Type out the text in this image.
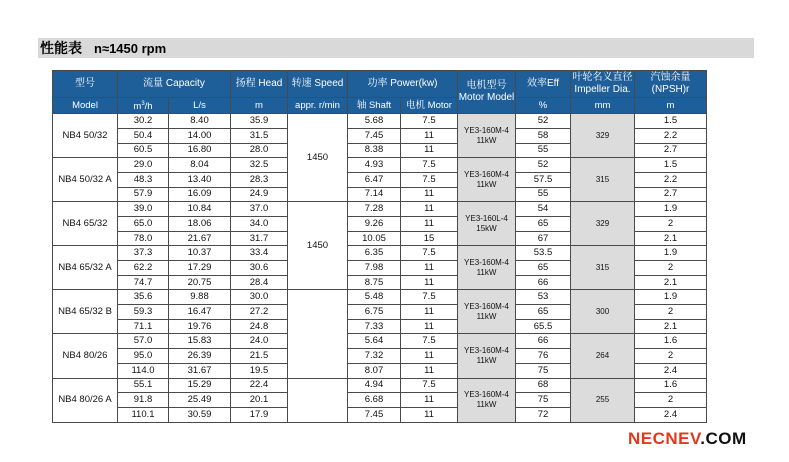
性能表 n≈1450 rpm
型号	流量 Capacity		扬程 Head	转速 Speed	功率 Power(kw)		电机型号 Motor Model	效率Eff	叶轮名义直径 Impeller Dia.	汽蚀余量 (NPSH)r
Model	$m^3/h$	L/s	m	appr. r/min	轴 Shaft	电机 Motor		%	mm	m
NB4 50/32	30.2	8.40	35.9	1450	5.68	7.5	YE3-160M-4 11kW	52	329	1.5
	50.4	14.00	31.5		7.45	11		58		2.2
	60.5	16.80	28.0		8.38	11		55		2.7
NB4 50/32 A	29.0	8.04	32.5		4.93	7.5	YE3-160M-4 11kW	52	315	1.5
	48.3	13.40	28.3		6.47	7.5		57.5		2.2
	57.9	16.09	24.9		7.14	11		55		2.7
NB4 65/32	39.0	10.84	37.0	1450	7.28	11	YE3-160L-4 15kW	54	329	1.9
	65.0	18.06	34.0		9.26	11		65		2
	78.0	21.67	31.7		10.05	15		67		2.1
NB4 65/32 A	37.3	10.37	33.4		6.35	7.5	YE3-160M-4 11kW	53.5	315	1.9
	62.2	17.29	30.6		7.98	11		65		2
	74.7	20.75	28.4		8.75	11		66		2.1
NB4 65/32 B	35.6	9.88	30.0		5.48	7.5	YE3-160M-4 11kW	53	300	1.9
	59.3	16.47	27.2		6.75	11		65		2
	71.1	19.76	24.8		7.33	11		65.5		2.1
NB4 80/26	57.0	15.83	24.0		5.64	7.5	YE3-160M-4 11kW	66	264	1.6
	95.0	26.39	21.5		7.32	11		76		2
	114.0	31.67	19.5		8.07	11		75		2.4
NB4 80/26 A	55.1	15.29	22.4		4.94	7.5	YE3-160M-4 11kW	68	255	1.6
	91.8	25.49	20.1		6.68	11		75		2
	110.1	30.59	17.9		7.45	11		72		2.4
NECNEV.COM
